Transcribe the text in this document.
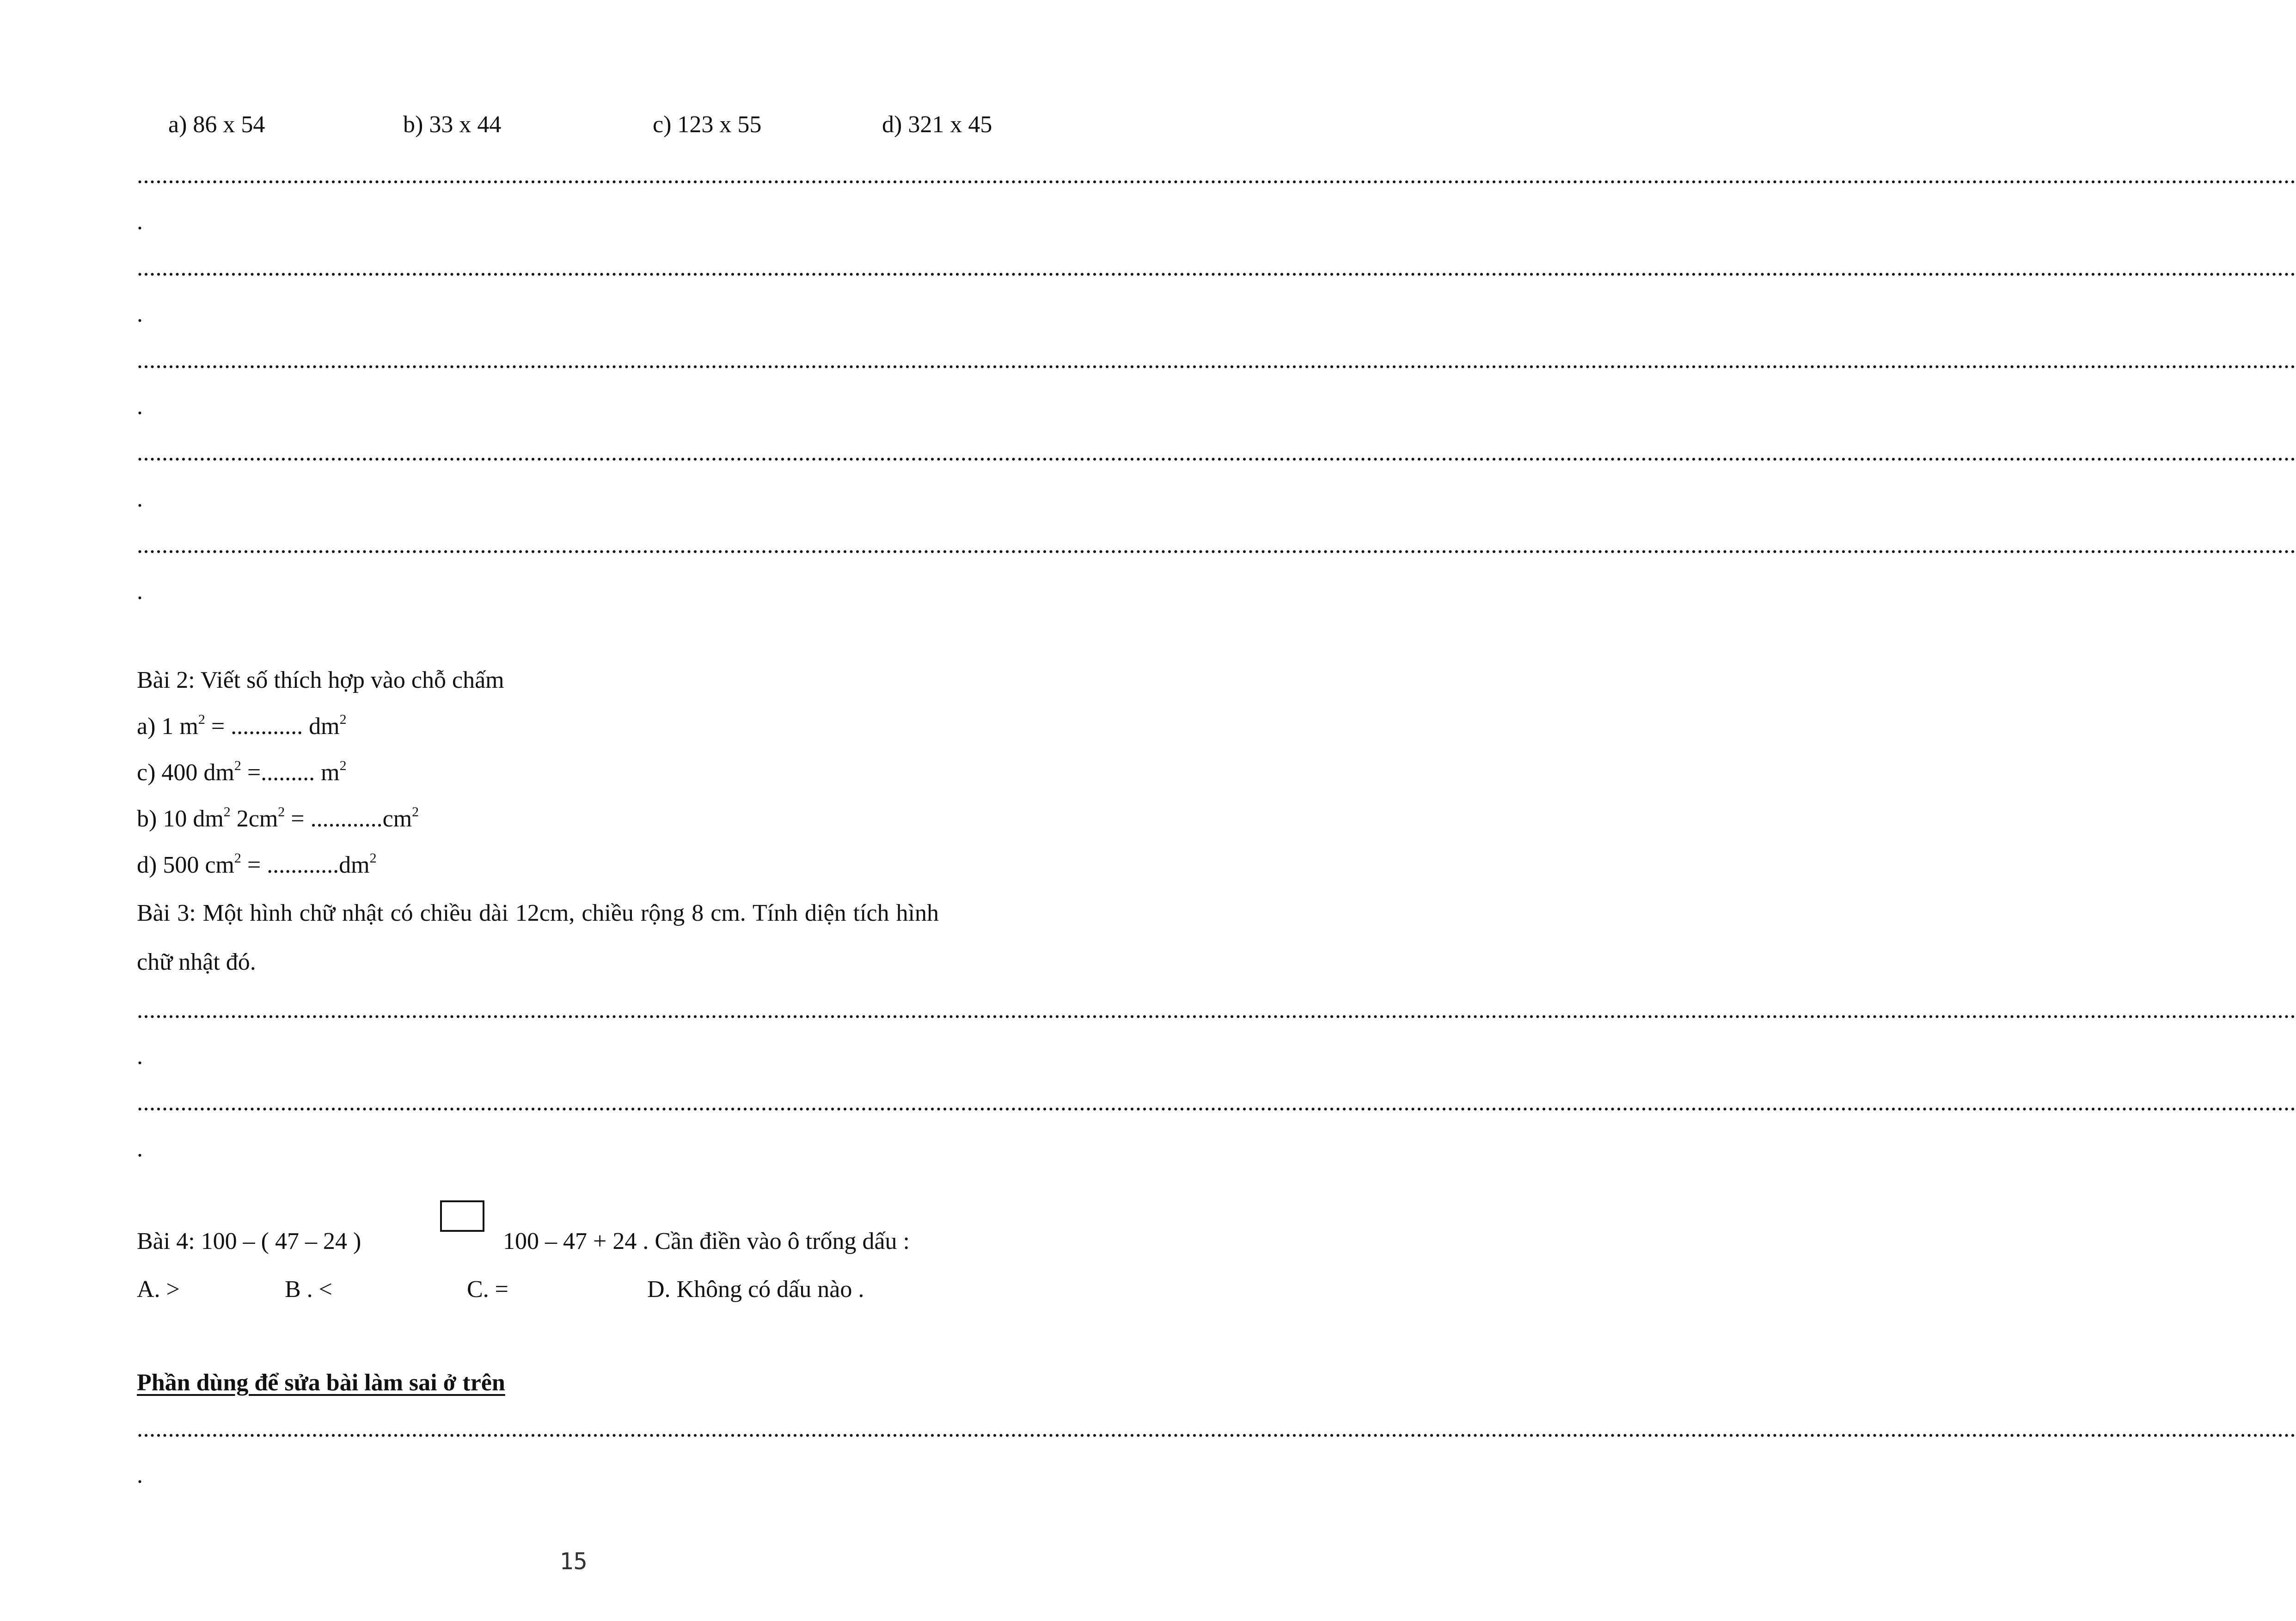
a) 86 x 54	b) 33 x 44	c) 123 x 55	d) 321 x 45
..........................................................................................................................................................................................................................................................................................................................................................
.
..........................................................................................................................................................................................................................................................................................................................................................
.
..........................................................................................................................................................................................................................................................................................................................................................
.
..........................................................................................................................................................................................................................................................................................................................................................
.
..........................................................................................................................................................................................................................................................................................................................................................
.
Bài 2: Viết số thích hợp vào chỗ chấm
a) 1 $m^2$ = ............ $dm^2$
c) 400 $dm^2$ =......... $m^2$
b) 10 $dm^2$ $2cm^2 = ............cm^2$
d) 500 $cm^2 = ............dm^2$
Bài 3: Một hình chữ nhật có chiều dài 12cm, chiều rộng 8 cm. Tính diện tích hình
chữ nhật đó.
..........................................................................................................................................................................................................................................................................................................................................................
.
..........................................................................................................................................................................................................................................................................................................................................................
.
Bài 4: 100 – ( 47 – 24 )	100 – 47 + 24 . Cần điền vào ô trống dấu :
A. >	B . <	C. =	D. Không có dấu nào .
Phần dùng để sửa bài làm sai ở trên
..........................................................................................................................................................................................................................................................................................................................................................
.
15
